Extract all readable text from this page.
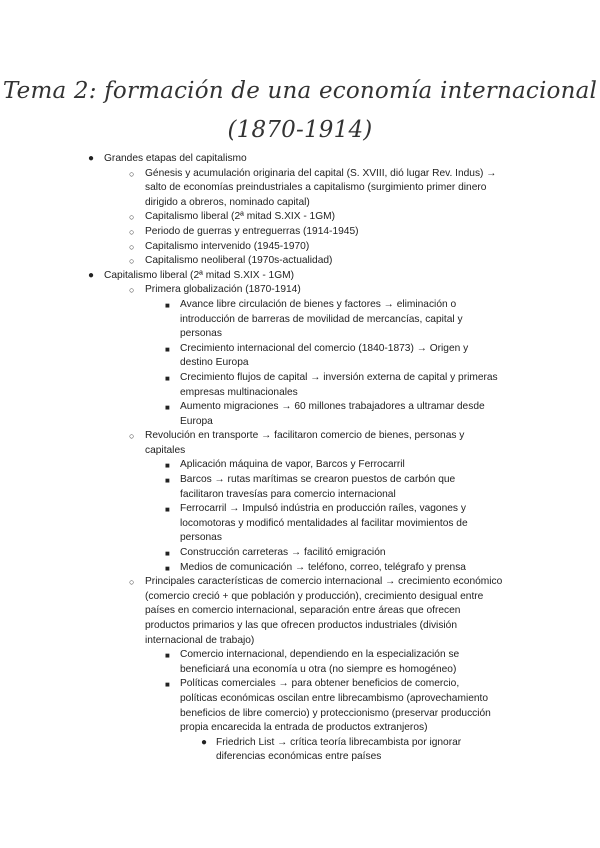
Tema 2: formación de una economía internacional
(1870-1914)
● Grandes etapas del capitalismo
○ Génesis y acumulación originaria del capital (S. XVIII, dió lugar Rev. Indus) → salto de economías preindustriales a capitalismo (surgimiento primer dinero dirigido a obreros, nominado capital)
○ Capitalismo liberal (2ª mitad S.XIX - 1GM)
○ Periodo de guerras y entreguerras (1914-1945)
○ Capitalismo intervenido (1945-1970)
○ Capitalismo neoliberal (1970s-actualidad)
● Capitalismo liberal (2ª mitad S.XIX - 1GM)
○ Primera globalización (1870-1914)
■ Avance libre circulación de bienes y factores → eliminación o introducción de barreras de movilidad de mercancías, capital y personas
■ Crecimiento internacional del comercio (1840-1873) → Origen y destino Europa
■ Crecimiento flujos de capital → inversión externa de capital y primeras empresas multinacionales
■ Aumento migraciones → 60 millones trabajadores a ultramar desde Europa
○ Revolución en transporte → facilitaron comercio de bienes, personas y capitales
■ Aplicación máquina de vapor, Barcos y Ferrocarril
■ Barcos → rutas marítimas se crearon puestos de carbón que facilitaron travesías para comercio internacional
■ Ferrocarril → Impulsó indústria en producción raíles, vagones y locomotoras y modificó mentalidades al facilitar movimientos de personas
■ Construcción carreteras → facilitó emigración
■ Medios de comunicación → teléfono, correo, telégrafo y prensa
○ Principales características de comercio internacional → crecimiento económico (comercio creció + que población y producción), crecimiento desigual entre países en comercio internacional, separación entre áreas que ofrecen productos primarios y las que ofrecen productos industriales (división internacional de trabajo)
■ Comercio internacional, dependiendo en la especialización se beneficiará una economía u otra (no siempre es homogéneo)
■ Políticas comerciales → para obtener beneficios de comercio, políticas económicas oscilan entre librecambismo (aprovechamiento beneficios de libre comercio) y proteccionismo (preservar producción propia encarecida la entrada de productos extranjeros)
● Friedrich List → crítica teoría librecambista por ignorar diferencias económicas entre países
